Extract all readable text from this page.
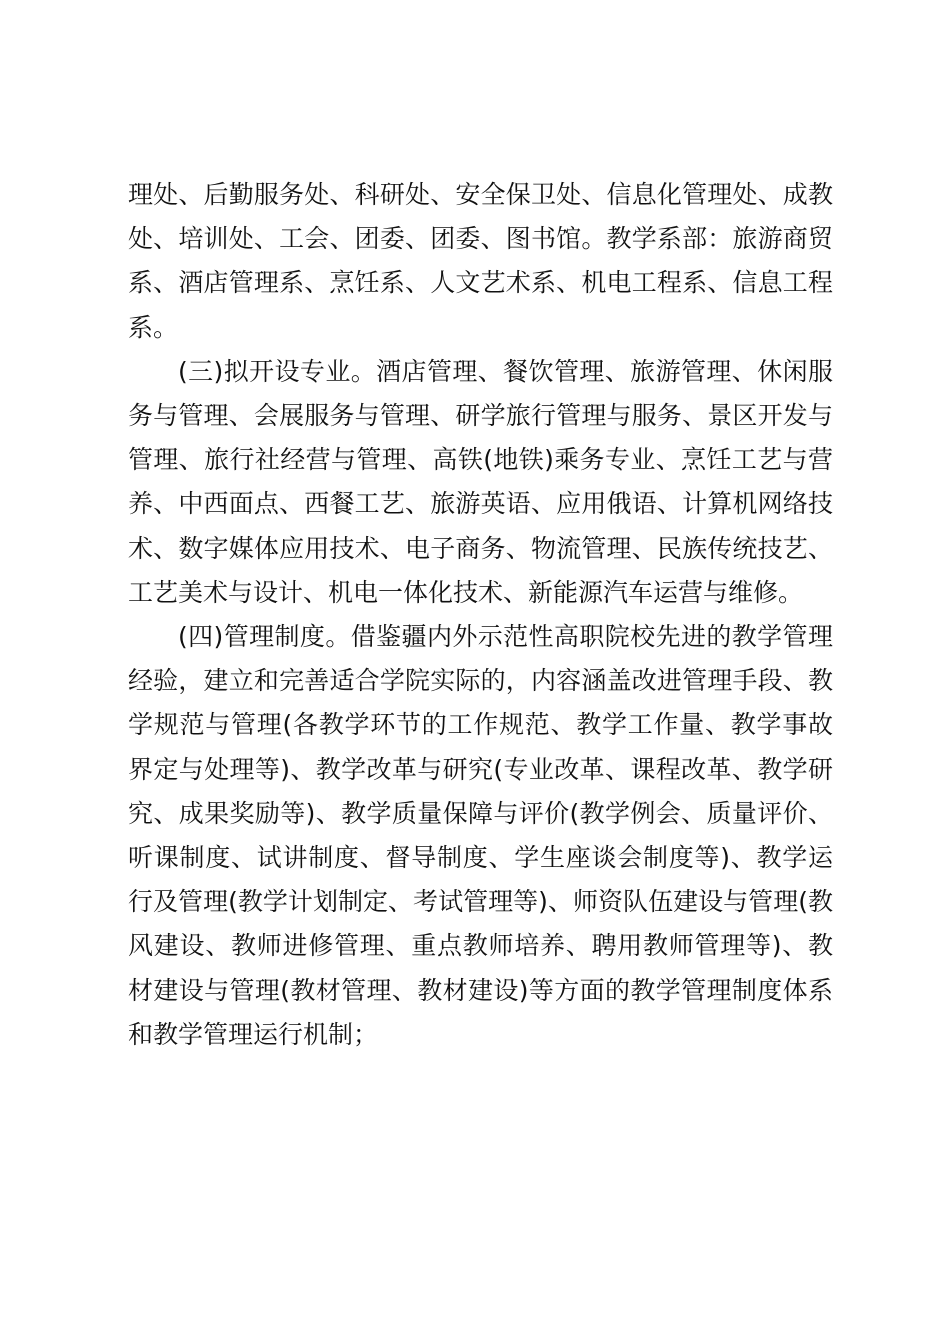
理处、后勤服务处、科研处、安全保卫处、信息化管理处、成教处、培训处、工会、团委、团委、图书馆。教学系部：旅游商贸系、酒店管理系、烹饪系、人文艺术系、机电工程系、信息工程系。

(三)拟开设专业。酒店管理、餐饮管理、旅游管理、休闲服务与管理、会展服务与管理、研学旅行管理与服务、景区开发与管理、旅行社经营与管理、高铁(地铁)乘务专业、烹饪工艺与营养、中西面点、西餐工艺、旅游英语、应用俄语、计算机网络技术、数字媒体应用技术、电子商务、物流管理、民族传统技艺、工艺美术与设计、机电一体化技术、新能源汽车运营与维修。

(四)管理制度。借鉴疆内外示范性高职院校先进的教学管理经验，建立和完善适合学院实际的，内容涵盖改进管理手段、教学规范与管理(各教学环节的工作规范、教学工作量、教学事故界定与处理等)、教学改革与研究(专业改革、课程改革、教学研究、成果奖励等)、教学质量保障与评价(教学例会、质量评价、听课制度、试讲制度、督导制度、学生座谈会制度等)、教学运行及管理(教学计划制定、考试管理等)、师资队伍建设与管理(教风建设、教师进修管理、重点教师培养、聘用教师管理等)、教材建设与管理(教材管理、教材建设)等方面的教学管理制度体系和教学管理运行机制；
